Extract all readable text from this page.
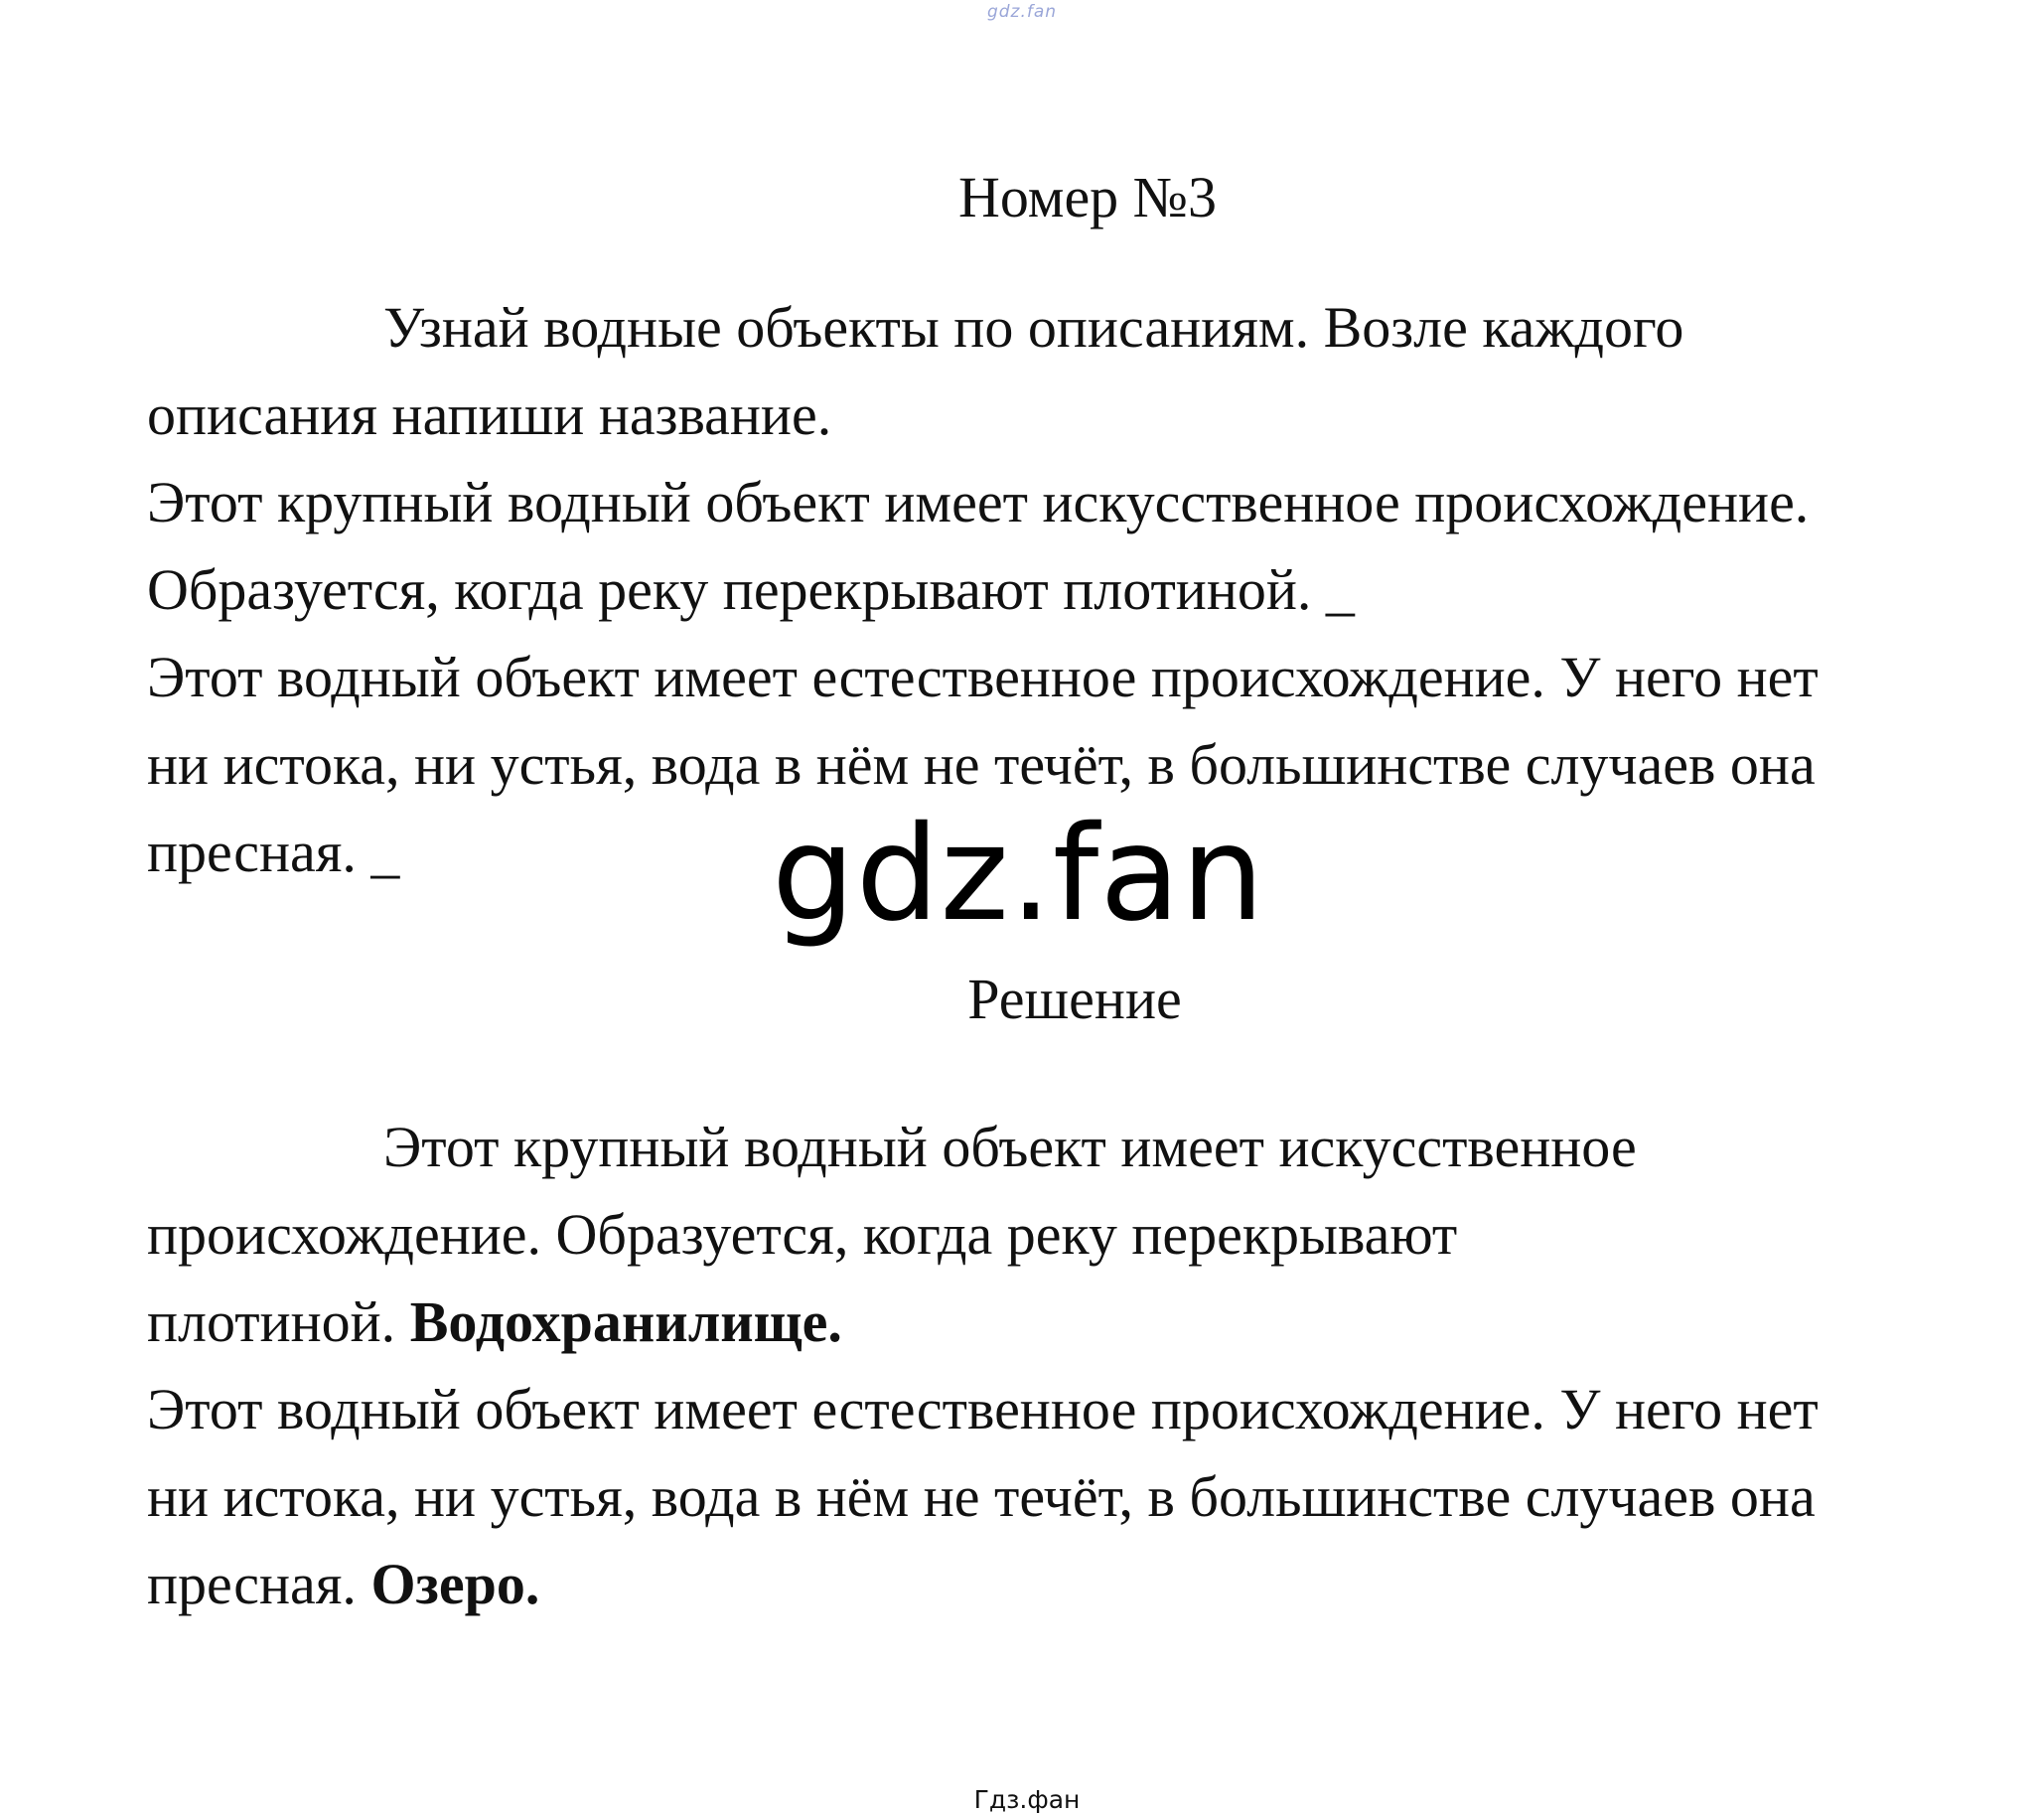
gdz.fan
Номер №3
Узнай водные объекты по описаниям. Возле каждого
описания напиши название.
Этот крупный водный объект имеет искусственное происхождение.
Образуется, когда реку перекрывают плотиной. _
Этот водный объект имеет естественное происхождение. У него нет
ни истока, ни устья, вода в нём не течёт, в большинстве случаев она
пресная. _	gdz.fan
Решение
Этот крупный водный объект имеет искусственное
происхождение. Образуется, когда реку перекрывают
плотиной. Водохранилище.
Этот водный объект имеет естественное происхождение. У него нет
ни истока, ни устья, вода в нём не течёт, в большинстве случаев она
пресная. Озеро.
Гдз.фан
